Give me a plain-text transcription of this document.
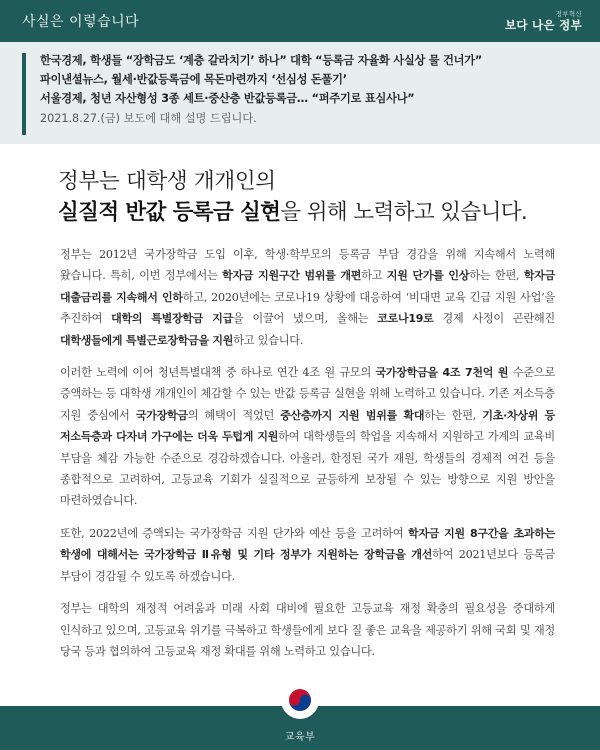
사실은 이렇습니다	정부혁신
보다 나은 정부
한국경제, 학생들 “장학금도 ‘계층 갈라치기’ 하나” 대학 “등록금 자율화 사실상 물 건너가”
파이낸셜뉴스, 월세·반값등록금에 목돈마련까지 ‘선심성 돈풀기’
서울경제, 청년 자산형성 3종 세트·중산층 반값등록금… “퍼주기로 표심사나”
2021.8.27.(금) 보도에 대해 설명 드립니다.
정부는 대학생 개개인의
실질적 반값 등록금 실현을 위해 노력하고 있습니다.

정부는 2012년 국가장학금 도입 이후, 학생·학부모의 등록금 부담 경감을 위해 지속해서 노력해 왔습니다. 특히, 이번 정부에서는 학자금 지원구간 범위를 개편하고 지원 단가를 인상하는 한편, 학자금 대출금리를 지속해서 인하하고, 2020년에는 코로나19 상황에 대응하여 ‘비대면 교육 긴급 지원 사업’을 추진하여 대학의 특별장학금 지급을 이끌어 냈으며, 올해는 코로나19로 경제 사정이 곤란해진 대학생들에게 특별근로장학금을 지원하고 있습니다.

이러한 노력에 이어 청년특별대책 중 하나로 연간 4조 원 규모의 국가장학금을 4조 7천억 원 수준으로 증액하는 등 대학생 개개인이 체감할 수 있는 반값 등록금 실현을 위해 노력하고 있습니다. 기존 저소득층 지원 중심에서 국가장학금의 혜택이 적었던 중산층까지 지원 범위를 확대하는 한편, 기초·차상위 등 저소득층과 다자녀 가구에는 더욱 두텁게 지원하여 대학생들의 학업을 지속해서 지원하고 가계의 교육비 부담을 체감 가능한 수준으로 경감하겠습니다. 아울러, 한정된 국가 재원, 학생들의 경제적 여건 등을 종합적으로 고려하여, 고등교육 기회가 실질적으로 균등하게 보장될 수 있는 방향으로 지원 방안을 마련하였습니다.

또한, 2022년에 증액되는 국가장학금 지원 단가와 예산 등을 고려하여 학자금 지원 8구간을 초과하는 학생에 대해서는 국가장학금 Ⅱ유형 및 기타 정부가 지원하는 장학금을 개선하여 2021년보다 등록금 부담이 경감될 수 있도록 하겠습니다.

정부는 대학의 재정적 어려움과 미래 사회 대비에 필요한 고등교육 재정 확충의 필요성을 중대하게 인식하고 있으며, 고등교육 위기를 극복하고 학생들에게 보다 질 좋은 교육을 제공하기 위해 국회 및 재정 당국 등과 협의하여 고등교육 재정 확대를 위해 노력하고 있습니다.

교육부
